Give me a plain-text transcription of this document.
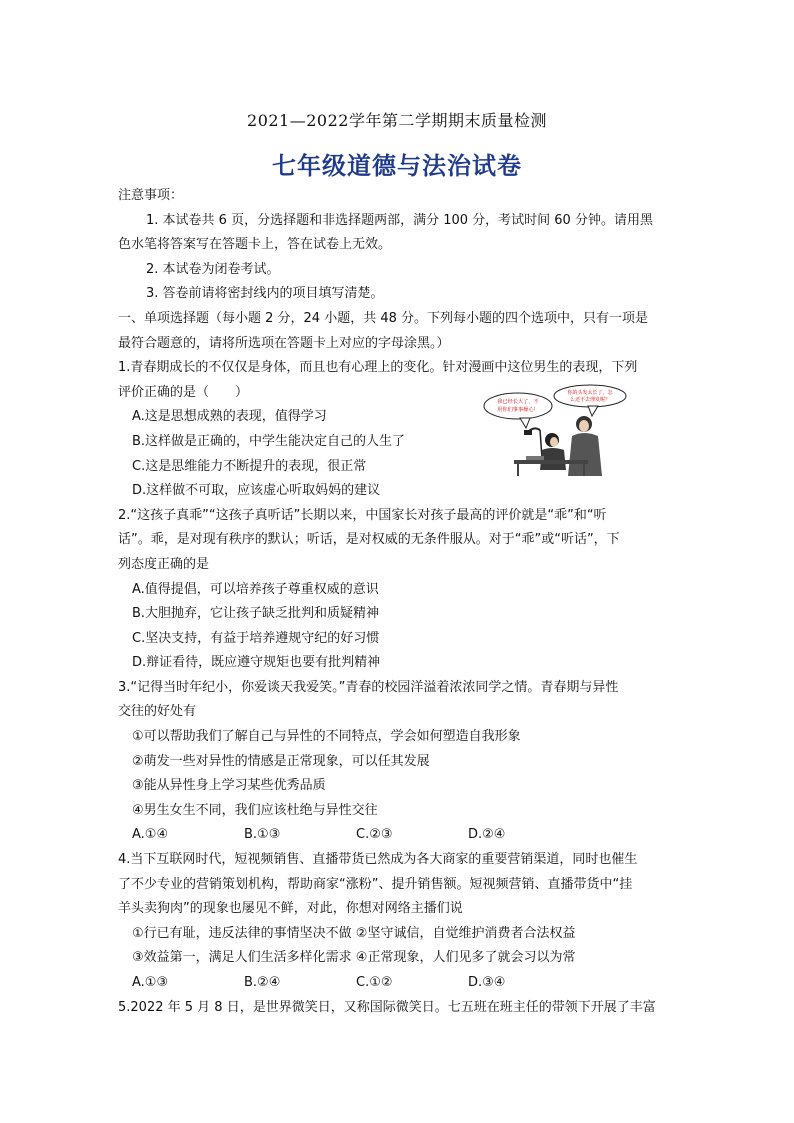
2021—2022学年第二学期期末质量检测
七年级道德与法治试卷
注意事项：
1. 本试卷共 6 页，分选择题和非选择题两部，满分 100 分，考试时间 60 分钟。请用黑
色水笔将答案写在答题卡上，答在试卷上无效。
2. 本试卷为闭卷考试。
3. 答卷前请将密封线内的项目填写清楚。
一、单项选择题（每小题 2 分，24 小题，共 48 分。下列每小题的四个选项中，只有一项是
最符合题意的，请将所选项在答题卡上对应的字母涂黑。）
1.青春期成长的不仅仅是身体，而且也有心理上的变化。针对漫画中这位男生的表现，下列
评价正确的是（　　）
A.这是思想成熟的表现，值得学习
B.这样做是正确的，中学生能决定自己的人生了
C.这是思维能力不断提升的表现，很正常
D.这样做不可取，应该虚心听取妈妈的建议
我已经长大了，不
用你们事事操心！
你的头发太长了，怎
么还不去理发呢？
2.“这孩子真乖”“这孩子真听话”长期以来，中国家长对孩子最高的评价就是“乖”和“听
话”。乖，是对现有秩序的默认；听话，是对权威的无条件服从。对于“乖”或“听话”，下
列态度正确的是
A.值得提倡，可以培养孩子尊重权威的意识
B.大胆抛弃，它让孩子缺乏批判和质疑精神
C.坚决支持，有益于培养遵规守纪的好习惯
D.辩证看待，既应遵守规矩也要有批判精神
3.“记得当时年纪小，你爱谈天我爱笑。”青春的校园洋溢着浓浓同学之情。青春期与异性
交往的好处有
①可以帮助我们了解自己与异性的不同特点，学会如何塑造自我形象
②萌发一些对异性的情感是正常现象，可以任其发展
③能从异性身上学习某些优秀品质
④男生女生不同，我们应该杜绝与异性交往
A.①④	B.①③	C.②③	D.②④
4.当下互联网时代，短视频销售、直播带货已然成为各大商家的重要营销渠道，同时也催生
了不少专业的营销策划机构，帮助商家“涨粉”、提升销售额。短视频营销、直播带货中“挂
羊头卖狗肉”的现象也屡见不鲜，对此，你想对网络主播们说
①行已有耻，违反法律的事情坚决不做 ②坚守诚信，自觉维护消费者合法权益
③效益第一，满足人们生活多样化需求 ④正常现象，人们见多了就会习以为常
A.①③	B.②④	C.①②	D.③④
5.2022 年 5 月 8 日，是世界微笑日，又称国际微笑日。七五班在班主任的带领下开展了丰富
